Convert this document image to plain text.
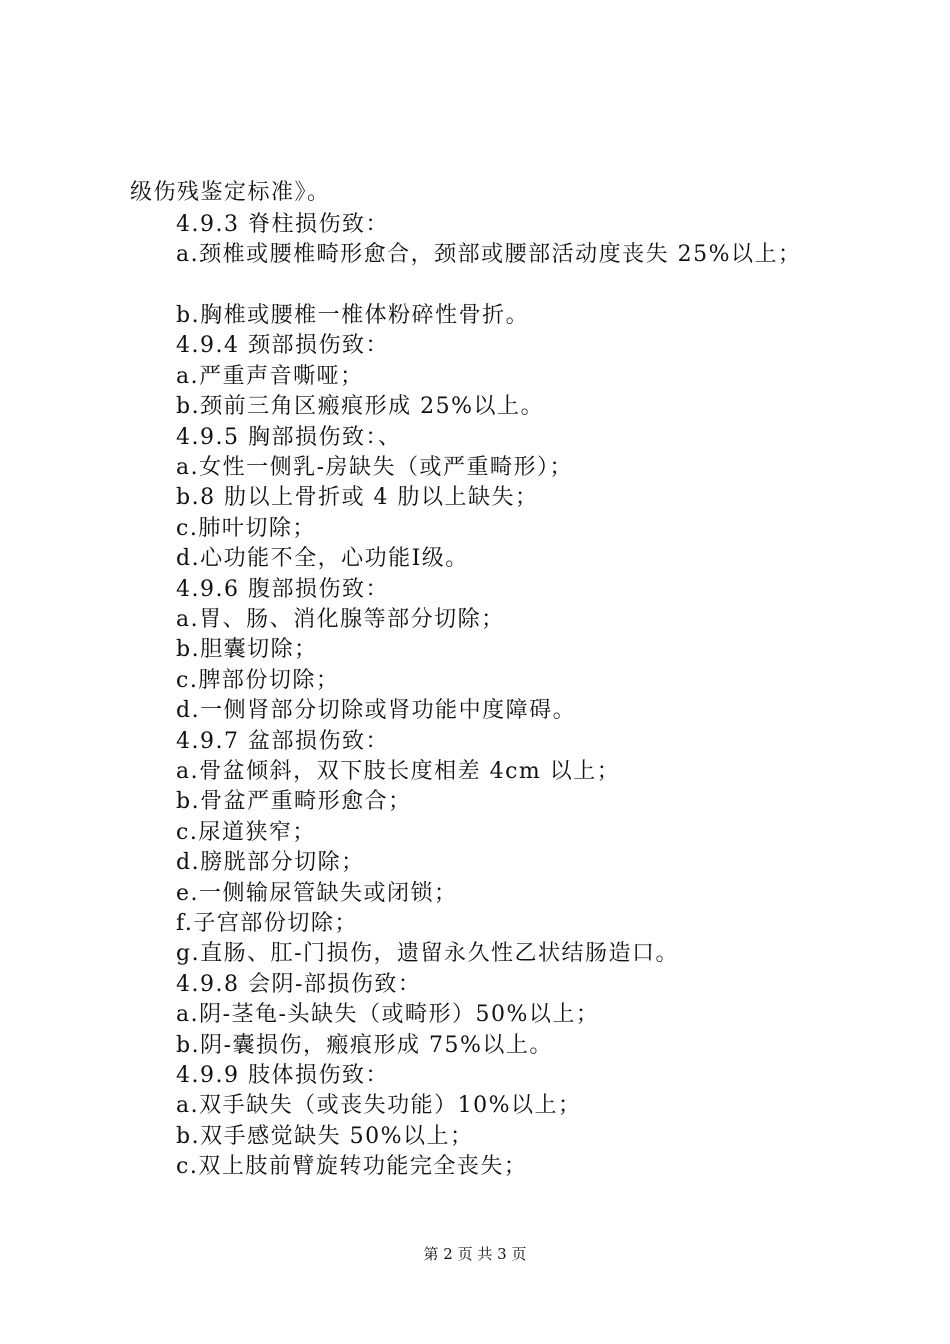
级伤残鉴定标准》。
4.9.3 脊柱损伤致：
a.颈椎或腰椎畸形愈合，颈部或腰部活动度丧失 25%以上；
b.胸椎或腰椎一椎体粉碎性骨折。
4.9.4 颈部损伤致：
a.严重声音嘶哑；
b.颈前三角区瘢痕形成 25%以上。
4.9.5 胸部损伤致：、
a.女性一侧乳-房缺失（或严重畸形）；
b.8 肋以上骨折或 4 肋以上缺失；
c.肺叶切除；
d.心功能不全，心功能Ⅰ级。
4.9.6 腹部损伤致：
a.胃、肠、消化腺等部分切除；
b.胆囊切除；
c.脾部份切除；
d.一侧肾部分切除或肾功能中度障碍。
4.9.7 盆部损伤致：
a.骨盆倾斜，双下肢长度相差 4cm 以上；
b.骨盆严重畸形愈合；
c.尿道狭窄；
d.膀胱部分切除；
e.一侧输尿管缺失或闭锁；
f.子宫部份切除；
g.直肠、肛-门损伤，遗留永久性乙状结肠造口。
4.9.8 会阴-部损伤致：
a.阴-茎龟-头缺失（或畸形）50%以上；
b.阴-囊损伤，瘢痕形成 75%以上。
4.9.9 肢体损伤致：
a.双手缺失（或丧失功能）10%以上；
b.双手感觉缺失 50%以上；
c.双上肢前臂旋转功能完全丧失；
第 2 页 共 3 页
